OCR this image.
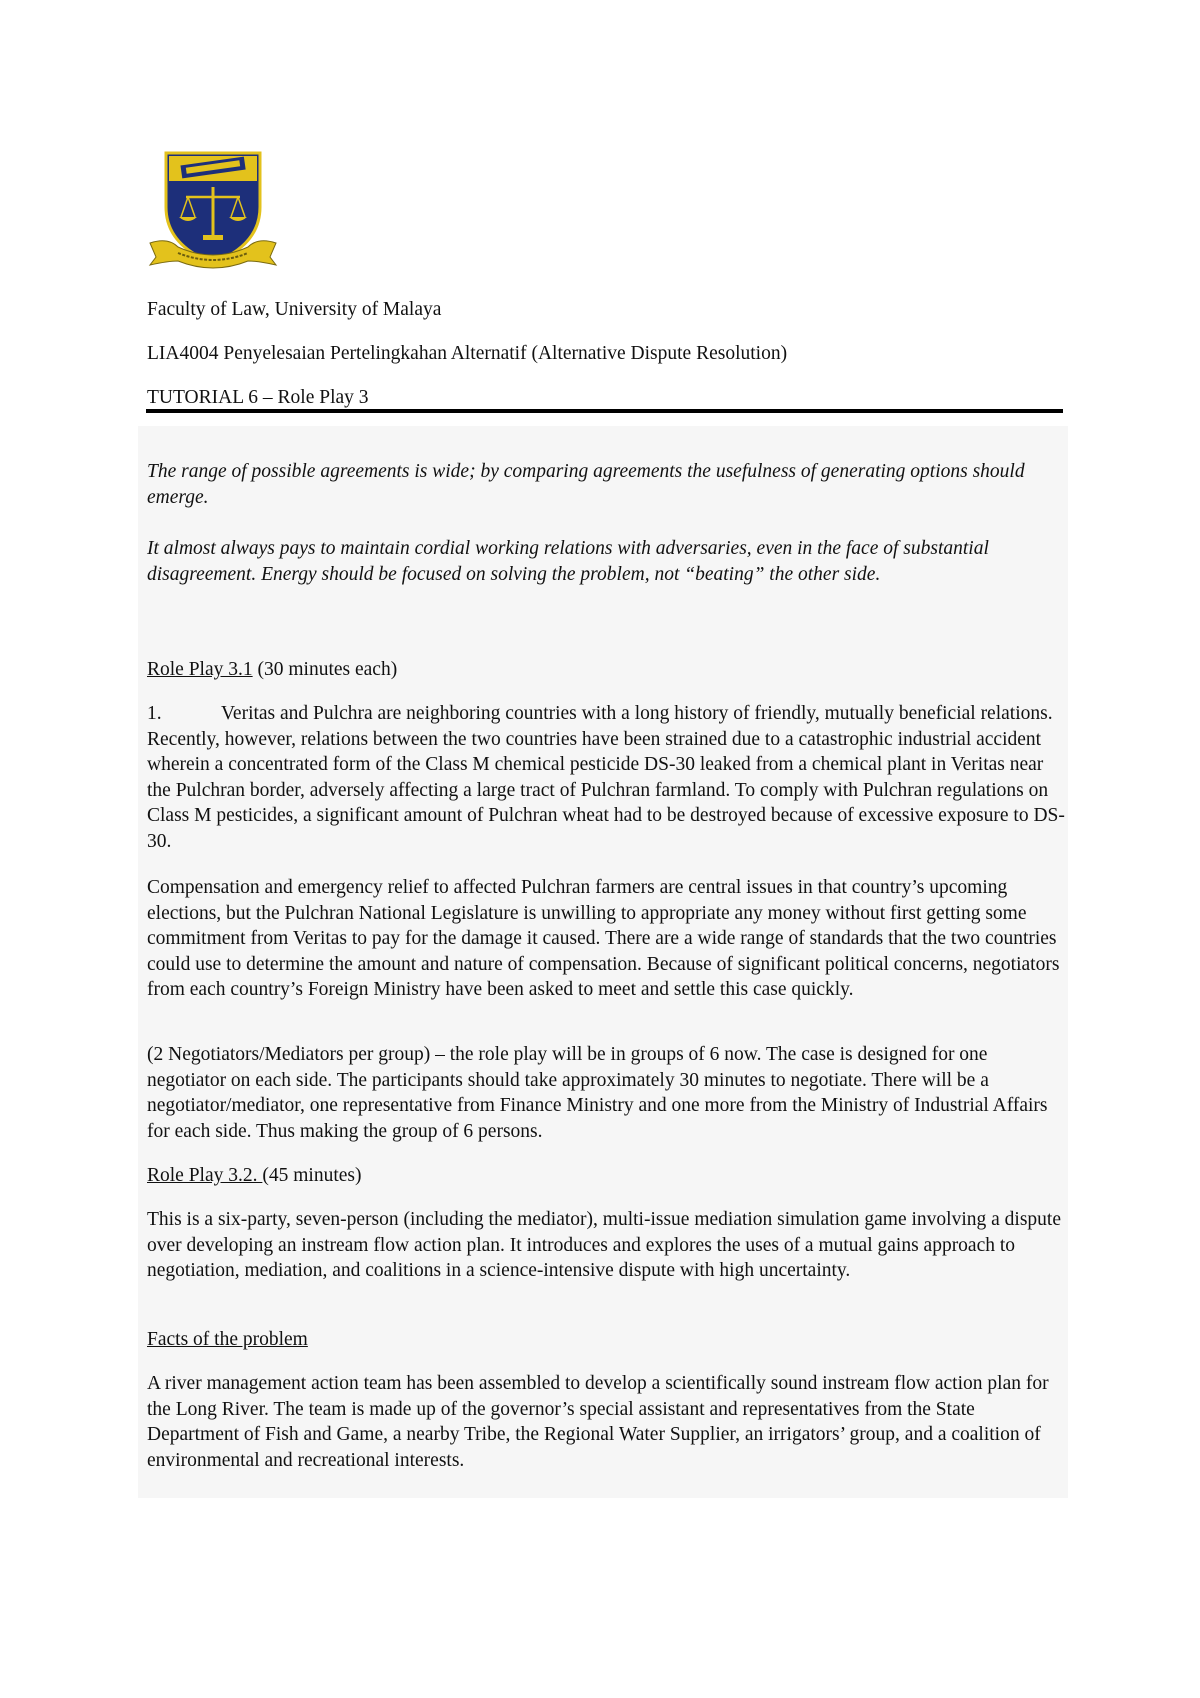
Faculty of Law, University of Malaya
LIA4004 Penyelesaian Pertelingkahan Alternatif (Alternative Dispute Resolution)
TUTORIAL 6 – Role Play 3

The range of possible agreements is wide; by comparing agreements the usefulness of generating options should emerge.

It almost always pays to maintain cordial working relations with adversaries, even in the face of substantial disagreement. Energy should be focused on solving the problem, not “beating” the other side.

Role Play 3.1 (30 minutes each)

1.	Veritas and Pulchra are neighboring countries with a long history of friendly, mutually beneficial relations. Recently, however, relations between the two countries have been strained due to a catastrophic industrial accident wherein a concentrated form of the Class M chemical pesticide DS-30 leaked from a chemical plant in Veritas near the Pulchran border, adversely affecting a large tract of Pulchran farmland. To comply with Pulchran regulations on Class M pesticides, a significant amount of Pulchran wheat had to be destroyed because of excessive exposure to DS-30.

Compensation and emergency relief to affected Pulchran farmers are central issues in that country’s upcoming elections, but the Pulchran National Legislature is unwilling to appropriate any money without first getting some commitment from Veritas to pay for the damage it caused. There are a wide range of standards that the two countries could use to determine the amount and nature of compensation. Because of significant political concerns, negotiators from each country’s Foreign Ministry have been asked to meet and settle this case quickly.

(2 Negotiators/Mediators per group) – the role play will be in groups of 6 now. The case is designed for one negotiator on each side. The participants should take approximately 30 minutes to negotiate. There will be a negotiator/mediator, one representative from Finance Ministry and one more from the Ministry of Industrial Affairs for each side. Thus making the group of 6 persons.

Role Play 3.2. (45 minutes)

This is a six-party, seven-person (including the mediator), multi-issue mediation simulation game involving a dispute over developing an instream flow action plan. It introduces and explores the uses of a mutual gains approach to negotiation, mediation, and coalitions in a science-intensive dispute with high uncertainty.

Facts of the problem

A river management action team has been assembled to develop a scientifically sound instream flow action plan for the Long River. The team is made up of the governor’s special assistant and representatives from the State Department of Fish and Game, a nearby Tribe, the Regional Water Supplier, an irrigators’ group, and a coalition of environmental and recreational interests.
